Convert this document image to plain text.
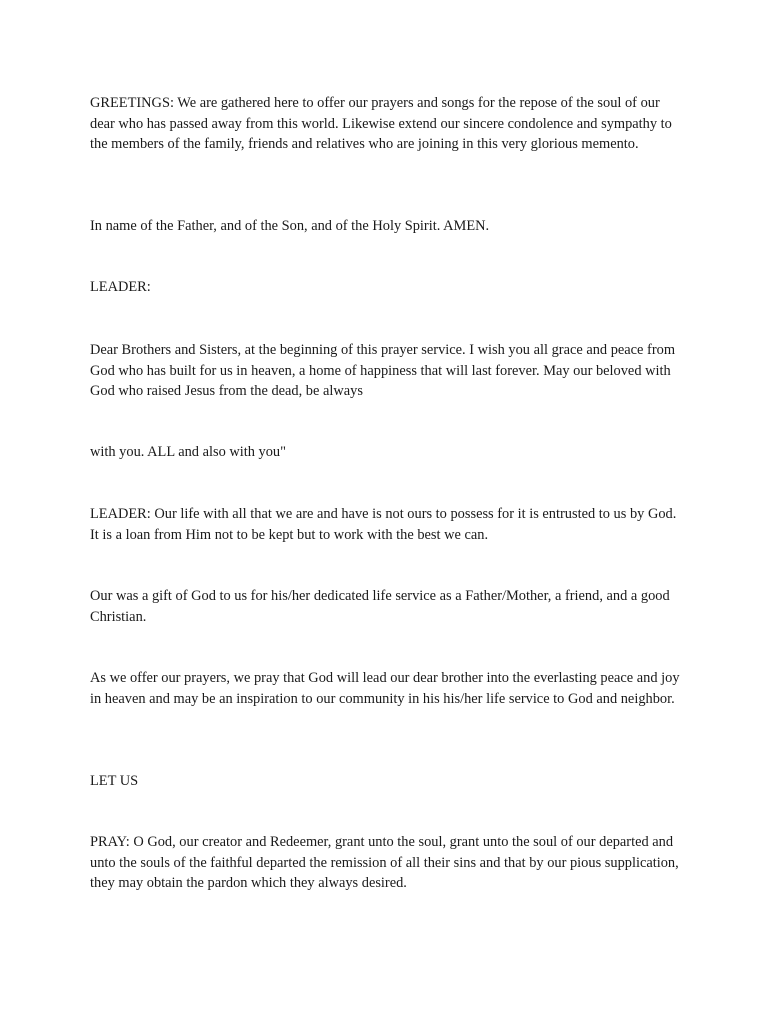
GREETINGS: We are gathered here to offer our prayers and songs for the repose of the soul of our dear who has passed away from this world. Likewise extend our sincere condolence and sympathy to the members of the family, friends and relatives who are joining in this very glorious memento.

In name of the Father, and of the Son, and of the Holy Spirit. AMEN.

LEADER:

Dear Brothers and Sisters, at the beginning of this prayer service. I wish you all grace and peace from God who has built for us in heaven, a home of happiness that will last forever. May our beloved with God who raised Jesus from the dead, be always

with you. ALL and also with you"

LEADER: Our life with all that we are and have is not ours to possess for it is entrusted to us by God. It is a loan from Him not to be kept but to work with the best we can.

Our was a gift of God to us for his/her dedicated life service as a Father/Mother, a friend, and a good Christian.

As we offer our prayers, we pray that God will lead our dear brother into the everlasting peace and joy in heaven and may be an inspiration to our community in his his/her life service to God and neighbor.

LET US

PRAY: O God, our creator and Redeemer, grant unto the soul, grant unto the soul of our departed and unto the souls of the faithful departed the remission of all their sins and that by our pious supplication, they may obtain the pardon which they always desired.
